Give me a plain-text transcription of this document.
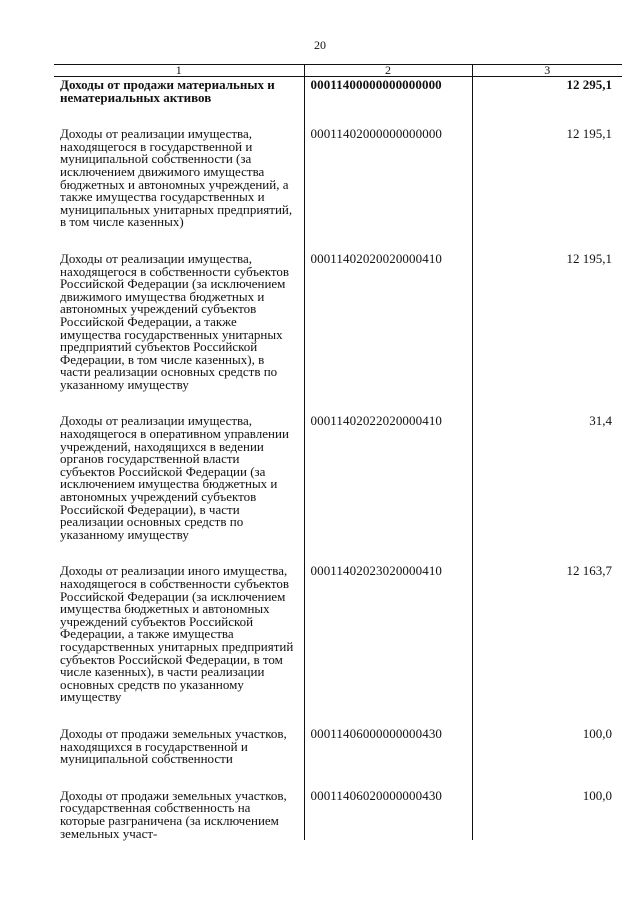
20
1	2	3

Доходы от продажи материальных и нематериальных активов	00011400000000000000	12 295,1

Доходы от реализации имущества, находящегося в государственной и муниципальной собственности (за исключением движимого имущества бюджетных и автономных учреждений, а также имущества государственных и муниципальных унитарных предприятий, в том числе казенных)	00011402000000000000	12 195,1

Доходы от реализации имущества, находящегося в собственности субъектов Российской Федерации (за исключением движимого имущества бюджетных и автономных учреждений субъектов Российской Федерации, а также имущества государственных унитарных предприятий субъектов Российской Федерации, в том числе казенных), в части реализации основных средств по указанному имуществу	00011402020020000410	12 195,1

Доходы от реализации имущества, находящегося в оперативном управлении учреждений, находящихся в ведении органов государственной власти субъектов Российской Федерации (за исключением имущества бюджетных и автономных учреждений субъектов Российской Федерации), в части реализации основных средств по указанному имуществу	00011402022020000410	31,4

Доходы от реализации иного имущества, находящегося в собственности субъектов Российской Федерации (за исключением имущества бюджетных и автономных учреждений субъектов Российской Федерации, а также имущества государственных унитарных предприятий субъектов Российской Федерации, в том числе казенных), в части реализации основных средств по указанному имуществу	00011402023020000410	12 163,7

Доходы от продажи земельных участков, находящихся в государственной и муниципальной собственности	00011406000000000430	100,0

Доходы от продажи земельных участков, государственная собственность на которые разграничена (за исключением земельных участ-	00011406020000000430	100,0
